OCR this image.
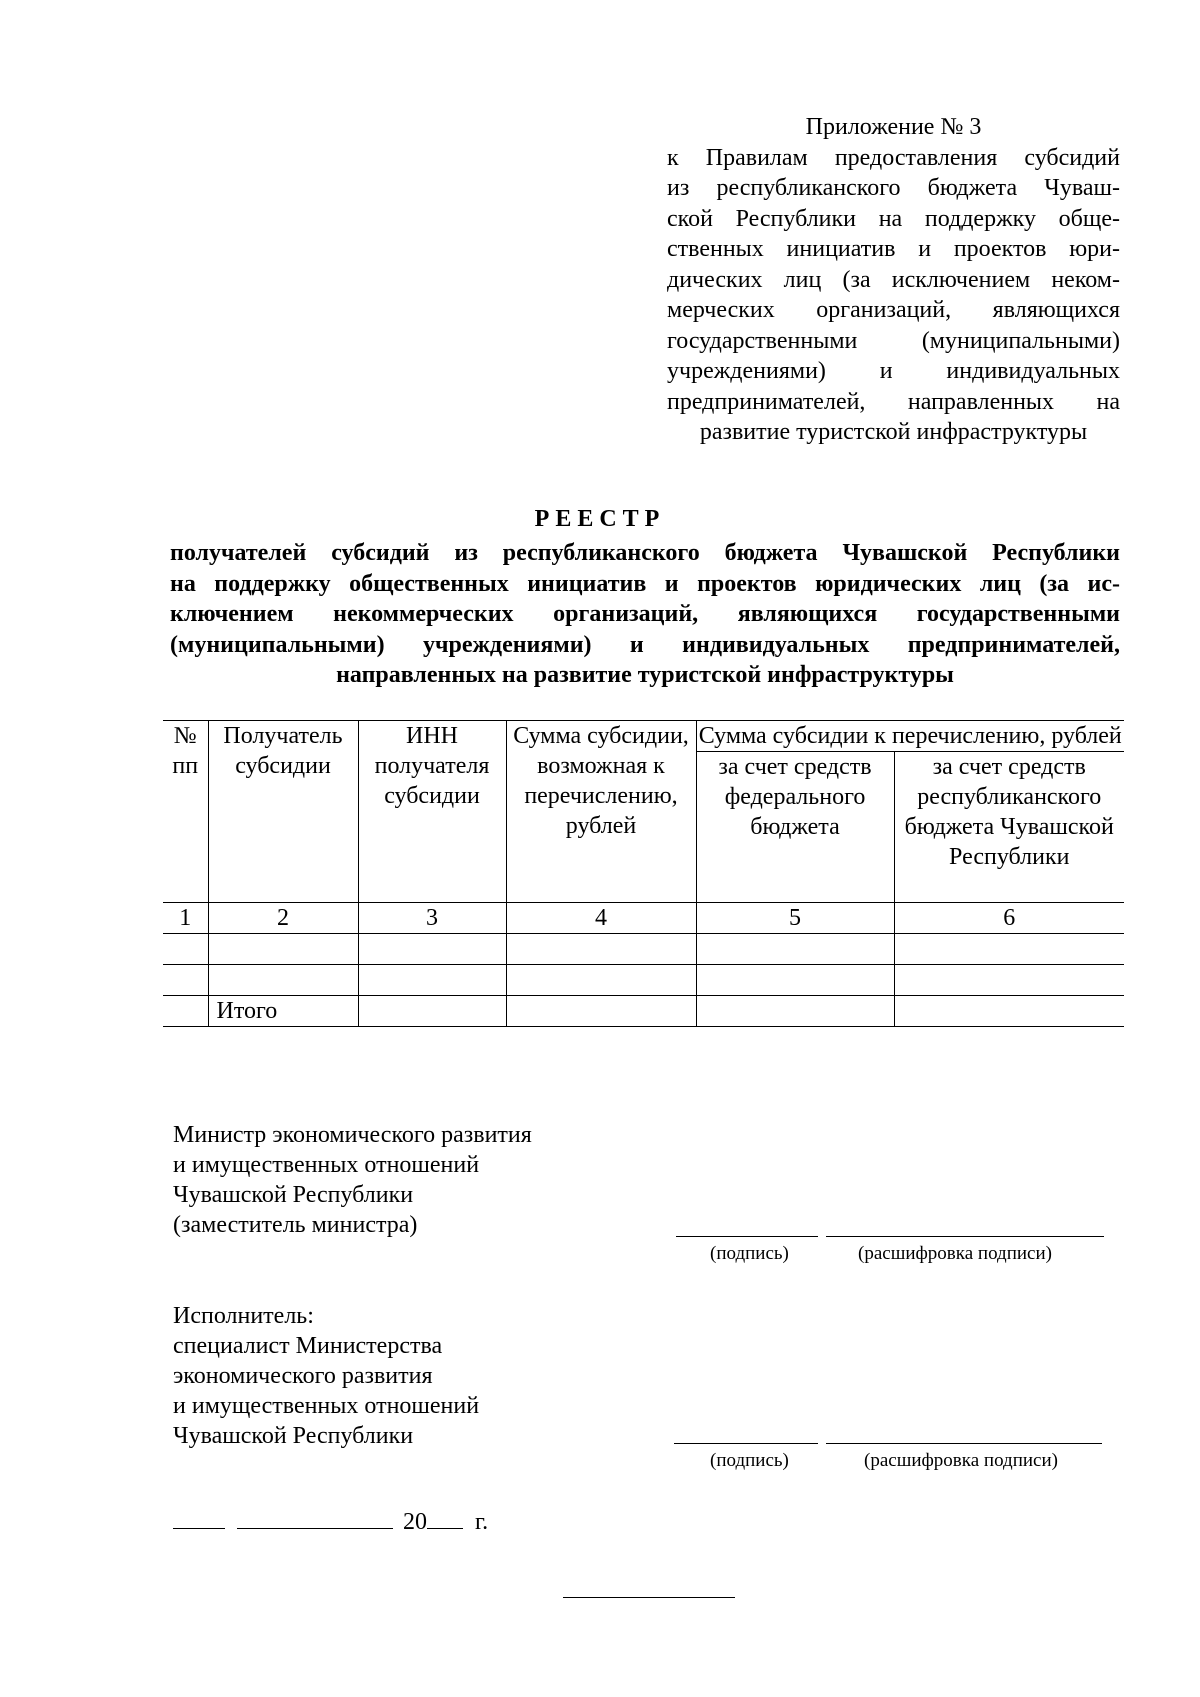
Приложение № 3
к Правилам предоставления субсидий
из республиканского бюджета Чуваш-
ской Республики на поддержку обще-
ственных инициатив и проектов юри-
дических лиц (за исключением неком-
мерческих организаций, являющихся
государственными (муниципальными)
учреждениями) и индивидуальных
предпринимателей, направленных на
развитие туристской инфраструктуры
РЕЕСТР
получателей субсидий из республиканского бюджета Чувашской Республики
на поддержку общественных инициатив и проектов юридических лиц (за ис-
ключением некоммерческих организаций, являющихся государственными
(муниципальными) учреждениями) и индивидуальных предпринимателей,
направленных на развитие туристской инфраструктуры
№ пп	Получатель субсидии	ИНН получателя субсидии	Сумма субсидии, возможная к перечислению, рублей	Сумма субсидии к перечислению, рублей	
				за счет средств федерального бюджета	за счет средств республиканского бюджета Чувашской Республики
1	2	3	4	5	6

	Итого				
Министр экономического развития
и имущественных отношений
Чувашской Республики
(заместитель министра)
(подпись)	(расшифровка подписи)
Исполнитель:
специалист Министерства
экономического развития
и имущественных отношений
Чувашской Республики
(подпись)	(расшифровка подписи)
20 г.
